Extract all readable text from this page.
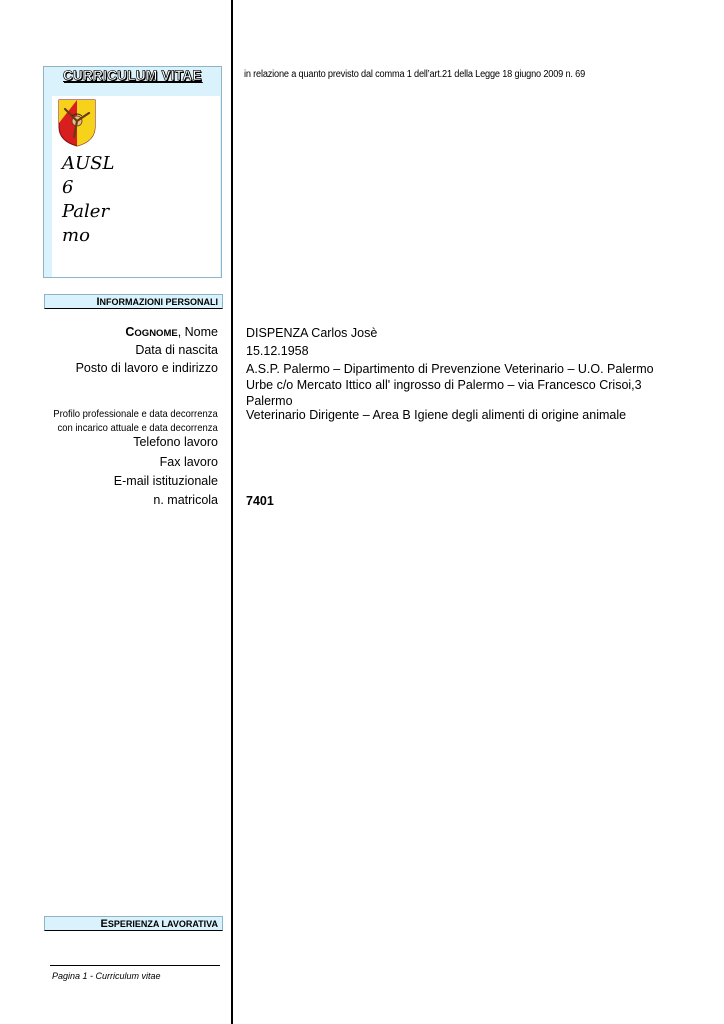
CURRICULUM VITAE
AUSL
6
Paler
mo
in relazione a quanto previsto dal comma 1 dell’art.21 della Legge 18 giugno 2009 n. 69
INFORMAZIONI PERSONALI
COGNOME, Nome DISPENZA Carlos Josè
Data di nascita 15.12.1958
Posto di lavoro e indirizzo A.S.P. Palermo – Dipartimento di Prevenzione Veterinario – U.O. Palermo Urbe c/o Mercato Ittico all' ingrosso di Palermo – via Francesco Crisoi,3 Palermo
Profilo professionale e data decorrenza
con incarico attuale e data decorrenza
Veterinario Dirigente – Area B Igiene degli alimenti di origine animale
Telefono lavoro
Fax lavoro
E-mail istituzionale
n. matricola 7401
ESPERIENZA LAVORATIVA
Pagina 1 - Curriculum vitae
